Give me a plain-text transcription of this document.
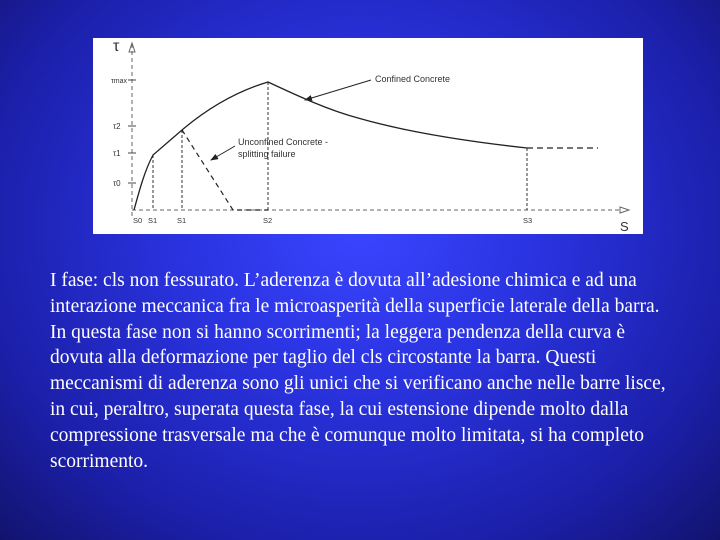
τ
S
τmax
τ2
τ1
τ0
S0 S1	S1	S2	S3
Confined Concrete
Unconfined Concrete -
splitting failure

I fase: cls non fessurato. L’aderenza è dovuta all’adesione chimica e ad una interazione meccanica fra le microasperità della superficie laterale della barra. In questa fase non si hanno scorrimenti; la leggera pendenza della curva è dovuta alla deformazione per taglio del cls circostante la barra. Questi meccanismi di aderenza sono gli unici che si verificano anche nelle barre lisce, in cui, peraltro, superata questa fase, la cui estensione dipende molto dalla compressione trasversale ma che è comunque molto limitata, si ha completo scorrimento.
